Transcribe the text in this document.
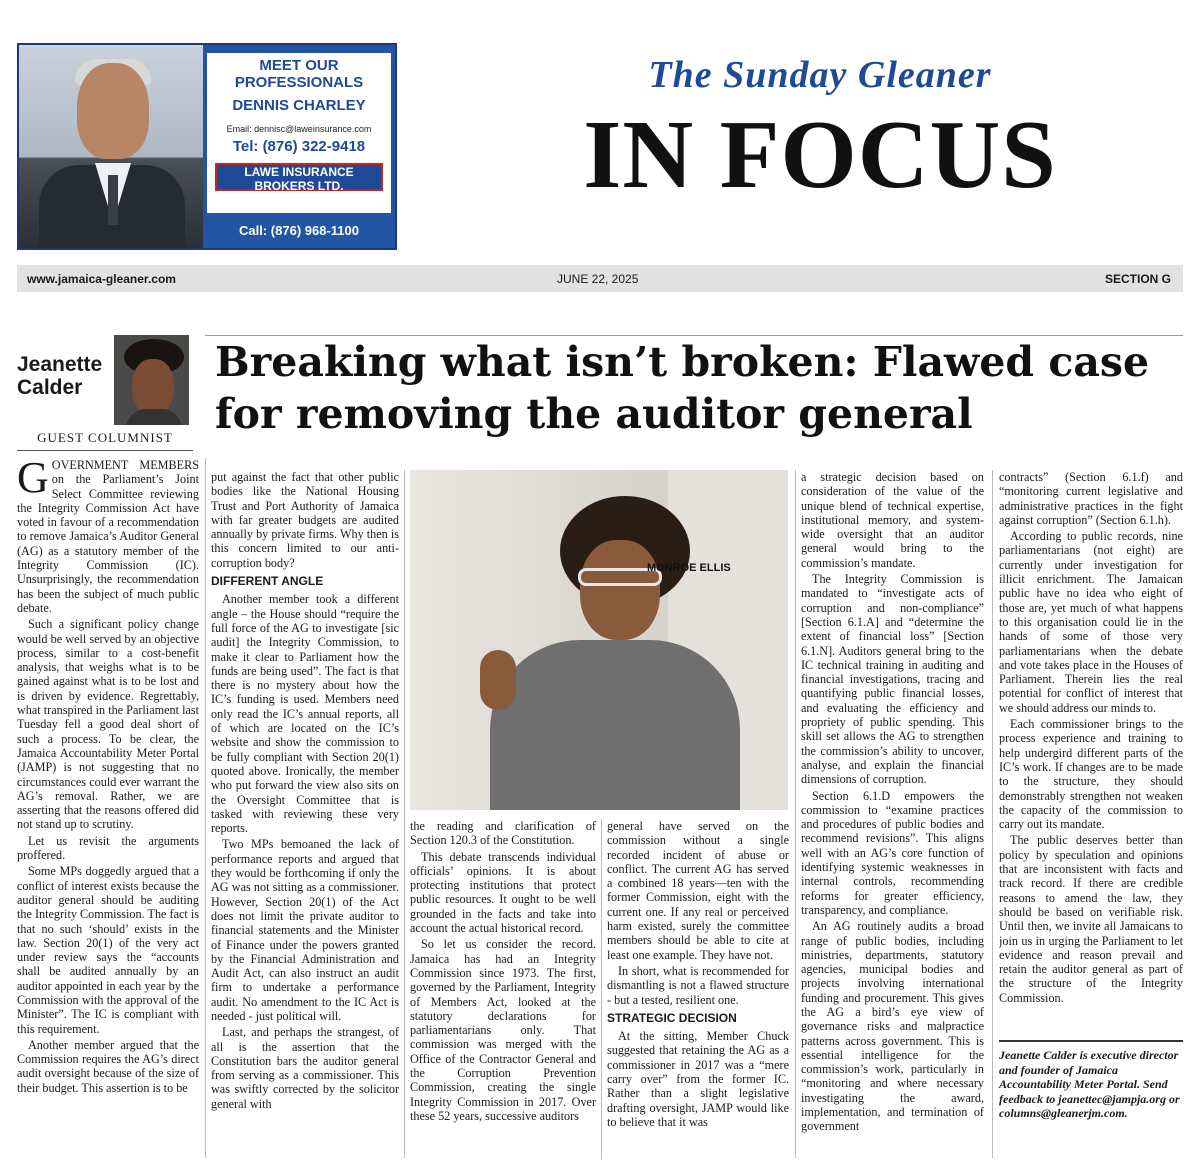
MEET OUR PROFESSIONALS
DENNIS CHARLEY
Email: dennisc@laweinsurance.com
Tel: (876) 322-9418
LAWE INSURANCE BROKERS LTD.
"one call for all insurance"
Call: (876) 968-1100
The Sunday Gleaner
IN FOCUS
www.jamaica-gleaner.com	JUNE 22, 2025	SECTION G
Jeanette Calder
GUEST COLUMNIST
Breaking what isn’t broken: Flawed case for removing the auditor general

GOVERNMENT MEMBERS on the Parliament’s Joint Select Committee reviewing the Integrity Commission Act have voted in favour of a recommendation to remove Jamaica’s Auditor General (AG) as a statutory member of the Integrity Commission (IC). Unsurprisingly, the recommendation has been the subject of much public debate.

Such a significant policy change would be well served by an objective process, similar to a cost-benefit analysis, that weighs what is to be gained against what is to be lost and is driven by evidence. Regrettably, what transpired in the Parliament last Tuesday fell a good deal short of such a process. To be clear, the Jamaica Accountability Meter Portal (JAMP) is not suggesting that no circumstances could ever warrant the AG’s removal. Rather, we are asserting that the reasons offered did not stand up to scrutiny.

Let us revisit the arguments proffered.

Some MPs doggedly argued that a conflict of interest exists because the auditor general should be auditing the Integrity Commission. The fact is that no such ‘should’ exists in the law. Section 20(1) of the very act under review says the “accounts shall be audited annually by an auditor appointed in each year by the Commission with the approval of the Minister”. The IC is compliant with this requirement.

Another member argued that the Commission requires the AG’s direct audit oversight because of the size of their budget. This assertion is to be

put against the fact that other public bodies like the National Housing Trust and Port Authority of Jamaica with far greater budgets are audited annually by private firms. Why then is this concern limited to our anti-corruption body?

DIFFERENT ANGLE

Another member took a different angle – the House should “require the full force of the AG to investigate [sic audit] the Integrity Commission, to make it clear to Parliament how the funds are being used”. The fact is that there is no mystery about how the IC’s funding is used. Members need only read the IC’s annual reports, all of which are located on the IC’s website and show the commission to be fully compliant with Section 20(1) quoted above. Ironically, the member who put forward the view also sits on the Oversight Committee that is tasked with reviewing these very reports.

Two MPs bemoaned the lack of performance reports and argued that they would be forthcoming if only the AG was not sitting as a commissioner. However, Section 20(1) of the Act does not limit the private auditor to financial statements and the Minister of Finance under the powers granted by the Financial Administration and Audit Act, can also instruct an audit firm to undertake a performance audit. No amendment to the IC Act is needed - just political will.

Last, and perhaps the strangest, of all is the assertion that the Constitution bars the auditor general from serving as a commissioner. This was swiftly corrected by the solicitor general with

MONROE ELLIS

the reading and clarification of Section 120.3 of the Constitution.

This debate transcends individual officials’ opinions. It is about protecting institutions that protect public resources. It ought to be well grounded in the facts and take into account the actual historical record.

So let us consider the record. Jamaica has had an Integrity Commission since 1973. The first, governed by the Parliament, Integrity of Members Act, looked at the statutory declarations for parliamentarians only. That commission was merged with the Office of the Contractor General and the Corruption Prevention Commission, creating the single Integrity Commission in 2017. Over these 52 years, successive auditors

general have served on the commission without a single recorded incident of abuse or conflict. The current AG has served a combined 18 years—ten with the former Commission, eight with the current one. If any real or perceived harm existed, surely the committee members should be able to cite at least one example. They have not.

In short, what is recommended for dismantling is not a flawed structure - but a tested, resilient one.

STRATEGIC DECISION

At the sitting, Member Chuck suggested that retaining the AG as a commissioner in 2017 was a “mere carry over” from the former IC. Rather than a slight legislative drafting oversight, JAMP would like to believe that it was

a strategic decision based on consideration of the value of the unique blend of technical expertise, institutional memory, and system-wide oversight that an auditor general would bring to the commission’s mandate.

The Integrity Commission is mandated to “investigate acts of corruption and non-compliance” [Section 6.1.A] and “determine the extent of financial loss” [Section 6.1.N]. Auditors general bring to the IC technical training in auditing and financial investigations, tracing and quantifying public financial losses, and evaluating the efficiency and propriety of public spending. This skill set allows the AG to strengthen the commission’s ability to uncover, analyse, and explain the financial dimensions of corruption.

Section 6.1.D empowers the commission to “examine practices and procedures of public bodies and recommend revisions”. This aligns well with an AG’s core function of identifying systemic weaknesses in internal controls, recommending reforms for greater efficiency, transparency, and compliance.

An AG routinely audits a broad range of public bodies, including ministries, departments, statutory agencies, municipal bodies and projects involving international funding and procurement. This gives the AG a bird’s eye view of governance risks and malpractice patterns across government. This is essential intelligence for the commission’s work, particularly in “monitoring and where necessary investigating the award, implementation, and termination of government

contracts” (Section 6.1.f) and “monitoring current legislative and administrative practices in the fight against corruption” (Section 6.1.h).

According to public records, nine parliamentarians (not eight) are currently under investigation for illicit enrichment. The Jamaican public have no idea who eight of those are, yet much of what happens to this organisation could lie in the hands of some of those very parliamentarians when the debate and vote takes place in the Houses of Parliament. Therein lies the real potential for conflict of interest that we should address our minds to.

Each commissioner brings to the process experience and training to help undergird different parts of the IC’s work. If changes are to be made to the structure, they should demonstrably strengthen not weaken the capacity of the commission to carry out its mandate.

The public deserves better than policy by speculation and opinions that are inconsistent with facts and track record. If there are credible reasons to amend the law, they should be based on verifiable risk. Until then, we invite all Jamaicans to join us in urging the Parliament to let evidence and reason prevail and retain the auditor general as part of the structure of the Integrity Commission.

Jeanette Calder is executive director and founder of Jamaica Accountability Meter Portal. Send feedback to jeanettec@jampja.org or columns@gleanerjm.com.
